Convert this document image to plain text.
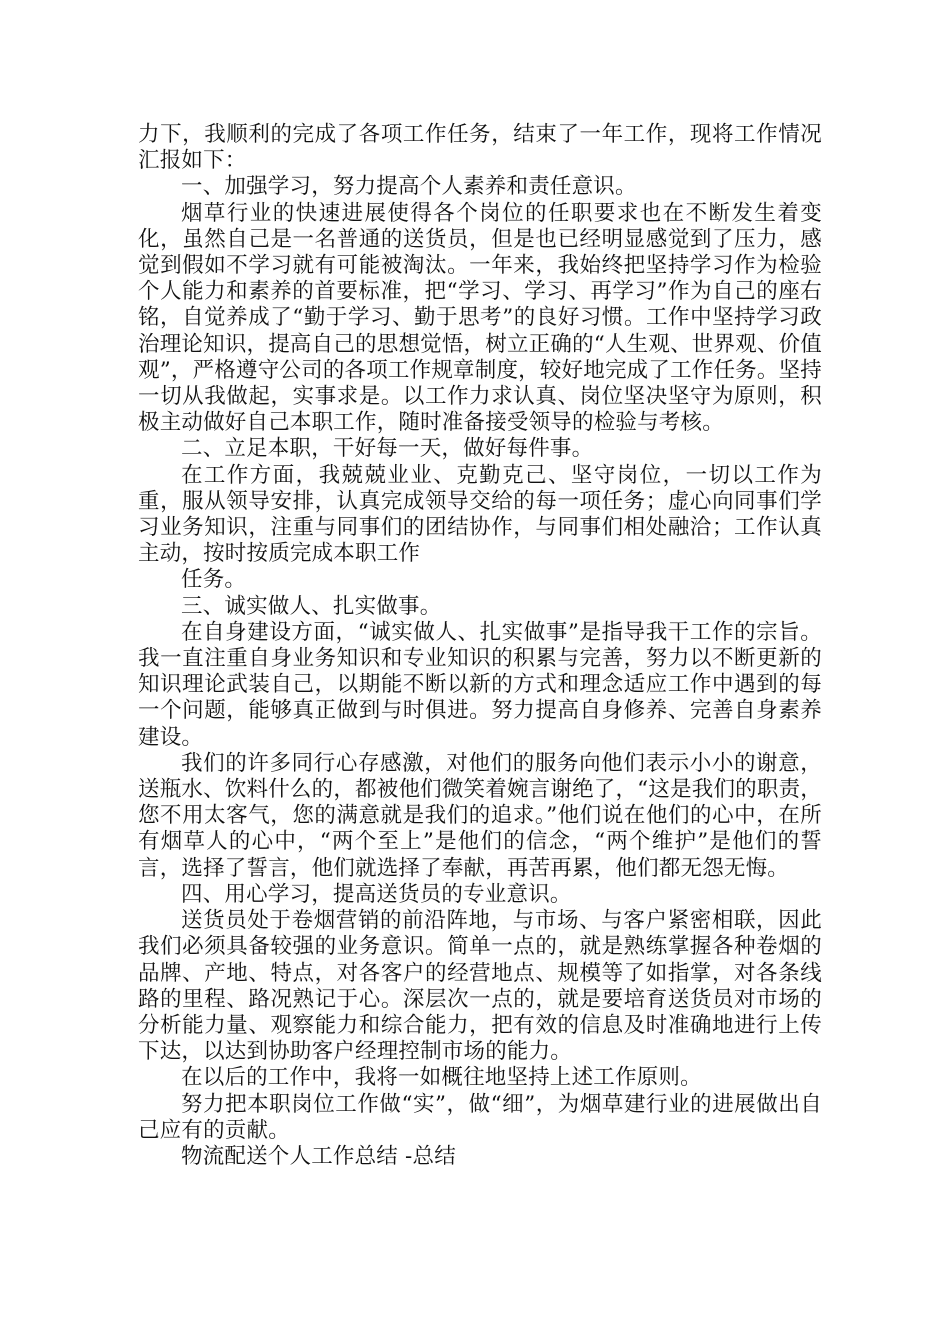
力下，我顺利的完成了各项工作任务，结束了一年工作，现将工作情况汇报如下：

一、加强学习，努力提高个人素养和责任意识。

烟草行业的快速进展使得各个岗位的任职要求也在不断发生着变化，虽然自己是一名普通的送货员，但是也已经明显感觉到了压力，感觉到假如不学习就有可能被淘汰。一年来，我始终把坚持学习作为检验个人能力和素养的首要标准，把“学习、学习、再学习”作为自己的座右铭，自觉养成了“勤于学习、勤于思考”的良好习惯。工作中坚持学习政治理论知识，提高自己的思想觉悟，树立正确的“人生观、世界观、价值观”，严格遵守公司的各项工作规章制度，较好地完成了工作任务。坚持一切从我做起，实事求是。以工作力求认真、岗位坚决坚守为原则，积极主动做好自己本职工作，随时准备接受领导的检验与考核。

二、立足本职，干好每一天，做好每件事。

在工作方面，我兢兢业业、克勤克己、坚守岗位，一切以工作为重，服从领导安排，认真完成领导交给的每一项任务；虚心向同事们学习业务知识，注重与同事们的团结协作，与同事们相处融洽；工作认真主动，按时按质完成本职工作

任务。

三、诚实做人、扎实做事。

在自身建设方面，“诚实做人、扎实做事”是指导我干工作的宗旨。我一直注重自身业务知识和专业知识的积累与完善，努力以不断更新的知识理论武装自己，以期能不断以新的方式和理念适应工作中遇到的每一个问题，能够真正做到与时俱进。努力提高自身修养、完善自身素养建设。

我们的许多同行心存感激，对他们的服务向他们表示小小的谢意，送瓶水、饮料什么的，都被他们微笑着婉言谢绝了，“这是我们的职责，您不用太客气，您的满意就是我们的追求。”他们说在他们的心中，在所有烟草人的心中，“两个至上”是他们的信念，“两个维护”是他们的誓言，选择了誓言，他们就选择了奉献，再苦再累，他们都无怨无悔。

四、用心学习，提高送货员的专业意识。

送货员处于卷烟营销的前沿阵地，与市场、与客户紧密相联，因此我们必须具备较强的业务意识。简单一点的，就是熟练掌握各种卷烟的品牌、产地、特点，对各客户的经营地点、规模等了如指掌，对各条线路的里程、路况熟记于心。深层次一点的，就是要培育送货员对市场的分析能力量、观察能力和综合能力，把有效的信息及时准确地进行上传下达，以达到协助客户经理控制市场的能力。

在以后的工作中，我将一如概往地坚持上述工作原则。

努力把本职岗位工作做“实”，做“细”，为烟草建行业的进展做出自己应有的贡献。

物流配送个人工作总结 -总结
